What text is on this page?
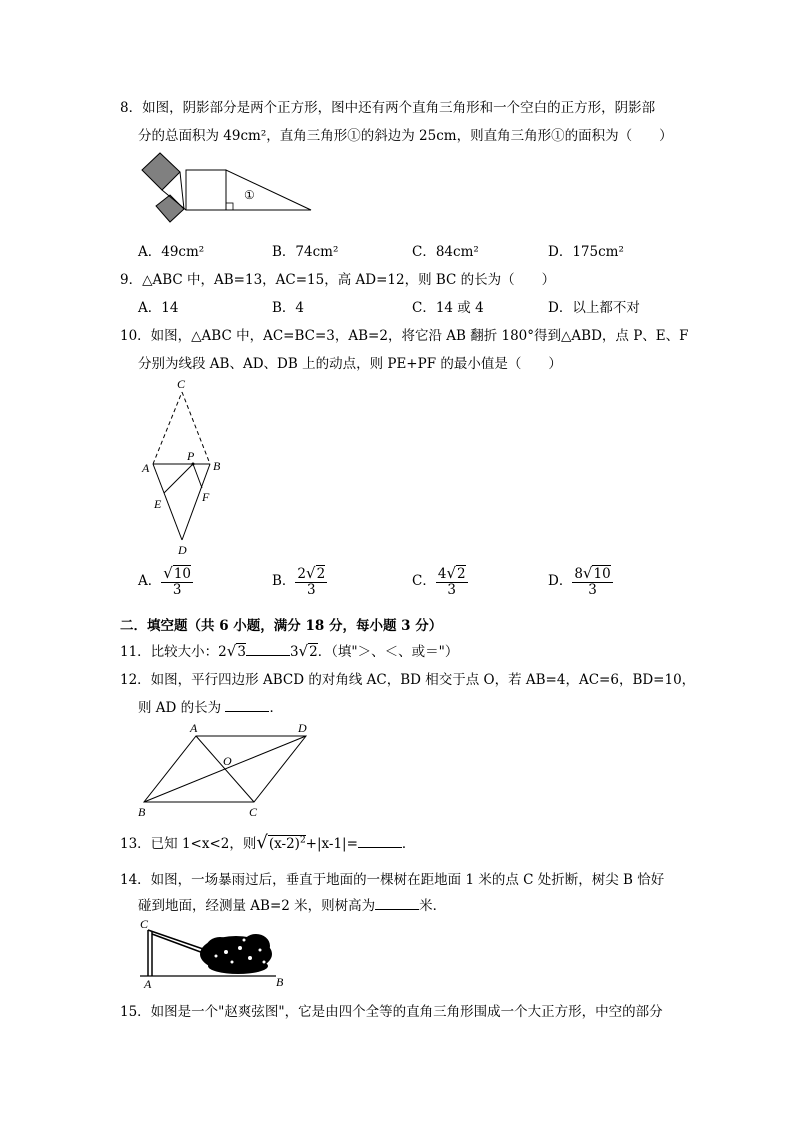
8．如图，阴影部分是两个正方形，图中还有两个直角三角形和一个空白的正方形，阴影部
分的总面积为 49cm²，直角三角形①的斜边为 25cm，则直角三角形①的面积为（　　）
①
A．49cm²	B．74cm²	C．84cm²	D．175cm²
9．△ABC 中，AB=13，AC=15，高 AD=12，则 BC 的长为（　　）
A．14	B．4	C．14 或 4	D．以上都不对
10．如图，△ABC 中，AC=BC=3，AB=2，将它沿 AB 翻折 180°得到△ABD，点 P、E、F
分别为线段 AB、AD、DB 上的动点，则 PE+PF 的最小值是（　　）
C
A	B
P
E	F
D
A． $\frac{√10}{3}$	B． $\frac{2√2}{3}$	C． $\frac{4√2}{3}$	D． $\frac{8√10}{3}$
二．填空题（共 6 小题，满分 18 分，每小题 3 分）
11．比较大小：2√3	3√2．（填"＞、＜、或＝"）
12．如图，平行四边形 ABCD 的对角线 AC，BD 相交于点 O，若 AB=4，AC=6，BD=10，
则 AD 的长为	．
A	D
O
B	C
13．已知 1<x<2，则$√(x-2)^2+|x-1|=$	．
14．如图，一场暴雨过后，垂直于地面的一棵树在距地面 1 米的点 C 处折断，树尖 B 恰好
碰到地面，经测量 AB=2 米，则树高为	米．
C
A	B
15．如图是一个"赵爽弦图"，它是由四个全等的直角三角形围成一个大正方形，中空的部分
